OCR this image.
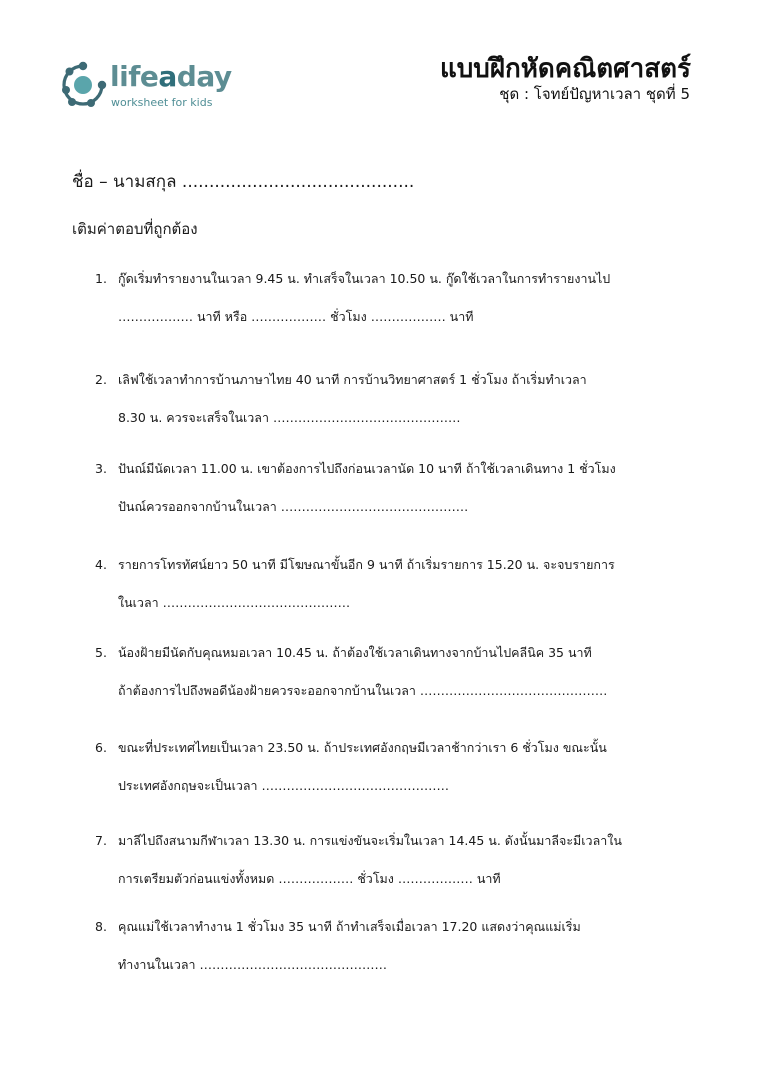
lifeaday
worksheet for kids
แบบฝึกหัดคณิตศาสตร์
ชุด : โจทย์ปัญหาเวลา ชุดที่ 5
ชื่อ – นามสกุล ...........................................
เติมค่าตอบที่ถูกต้อง
1. กู๊ดเริ่มทำรายงานในเวลา 9.45 น. ทำเสร็จในเวลา 10.50 น. กู๊ดใช้เวลาในการทำรายงานไป
……………… นาที หรือ ……………… ชั่วโมง ……………… นาที
2. เลิฟใช้เวลาทำการบ้านภาษาไทย 40 นาที การบ้านวิทยาศาสตร์ 1 ชั่วโมง ถ้าเริ่มทำเวลา
8.30 น. ควรจะเสร็จในเวลา ………………………………………
3. ปันณ์มีนัดเวลา 11.00 น. เขาต้องการไปถึงก่อนเวลานัด 10 นาที ถ้าใช้เวลาเดินทาง 1 ชั่วโมง
ปันณ์ควรออกจากบ้านในเวลา ………………………………………
4. รายการโทรทัศน์ยาว 50 นาที มีโฆษณาขั้นอีก 9 นาที ถ้าเริ่มรายการ 15.20 น. จะจบรายการ
ในเวลา ………………………………………
5. น้องฝ้ายมีนัดกับคุณหมอเวลา 10.45 น. ถ้าต้องใช้เวลาเดินทางจากบ้านไปคลีนิค 35 นาที
ถ้าต้องการไปถึงพอดีน้องฝ้ายควรจะออกจากบ้านในเวลา ………………………………………
6. ขณะที่ประเทศไทยเป็นเวลา 23.50 น. ถ้าประเทศอังกฤษมีเวลาช้ากว่าเรา 6 ชั่วโมง ขณะนั้น
ประเทศอังกฤษจะเป็นเวลา ………………………………………
7. มาลีไปถึงสนามกีฬาเวลา 13.30 น. การแข่งขันจะเริ่มในเวลา 14.45 น. ดังนั้นมาลีจะมีเวลาใน
การเตรียมตัวก่อนแข่งทั้งหมด ……………… ชั่วโมง ……………… นาที
8. คุณแม่ใช้เวลาทำงาน 1 ชั่วโมง 35 นาที ถ้าทำเสร็จเมื่อเวลา 17.20 แสดงว่าคุณแม่เริ่ม
ทำงานในเวลา ………………………………………
